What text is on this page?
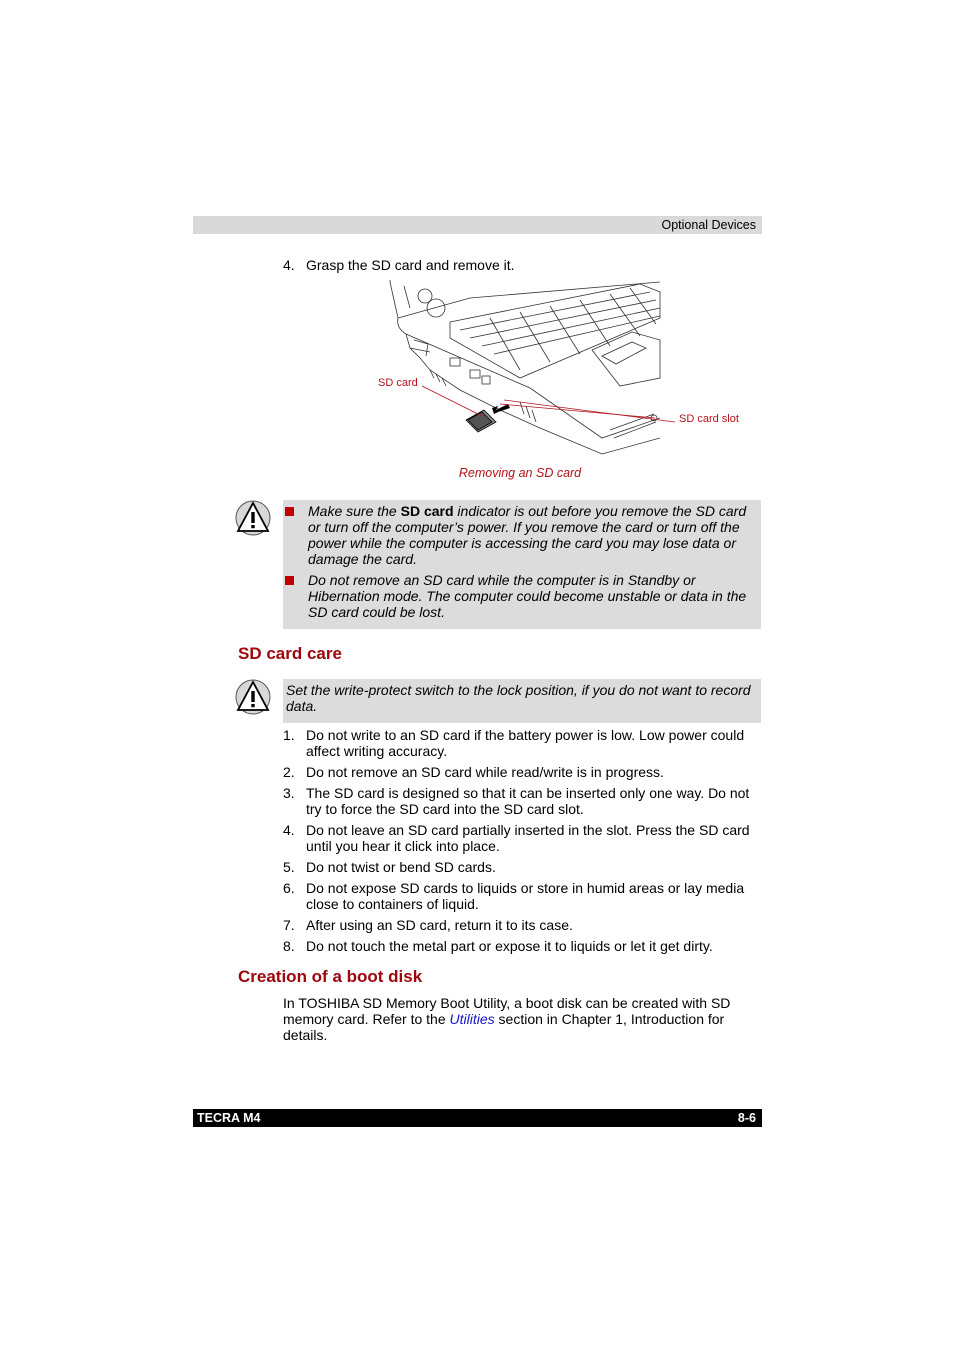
Optional Devices
4. Grasp the SD card and remove it.
SD card
SD card slot
Removing an SD card
Make sure the SD card indicator is out before you remove the SD card or turn off the computer’s power. If you remove the card or turn off the power while the computer is accessing the card you may lose data or damage the card.
Do not remove an SD card while the computer is in Standby or Hibernation mode. The computer could become unstable or data in the SD card could be lost.
SD card care
Set the write-protect switch to the lock position, if you do not want to record data.
1. Do not write to an SD card if the battery power is low. Low power could affect writing accuracy.
2. Do not remove an SD card while read/write is in progress.
3. The SD card is designed so that it can be inserted only one way. Do not try to force the SD card into the SD card slot.
4. Do not leave an SD card partially inserted in the slot. Press the SD card until you hear it click into place.
5. Do not twist or bend SD cards.
6. Do not expose SD cards to liquids or store in humid areas or lay media close to containers of liquid.
7. After using an SD card, return it to its case.
8. Do not touch the metal part or expose it to liquids or let it get dirty.
Creation of a boot disk
In TOSHIBA SD Memory Boot Utility, a boot disk can be created with SD memory card. Refer to the Utilities section in Chapter 1, Introduction for details.
TECRA M4	8-6
